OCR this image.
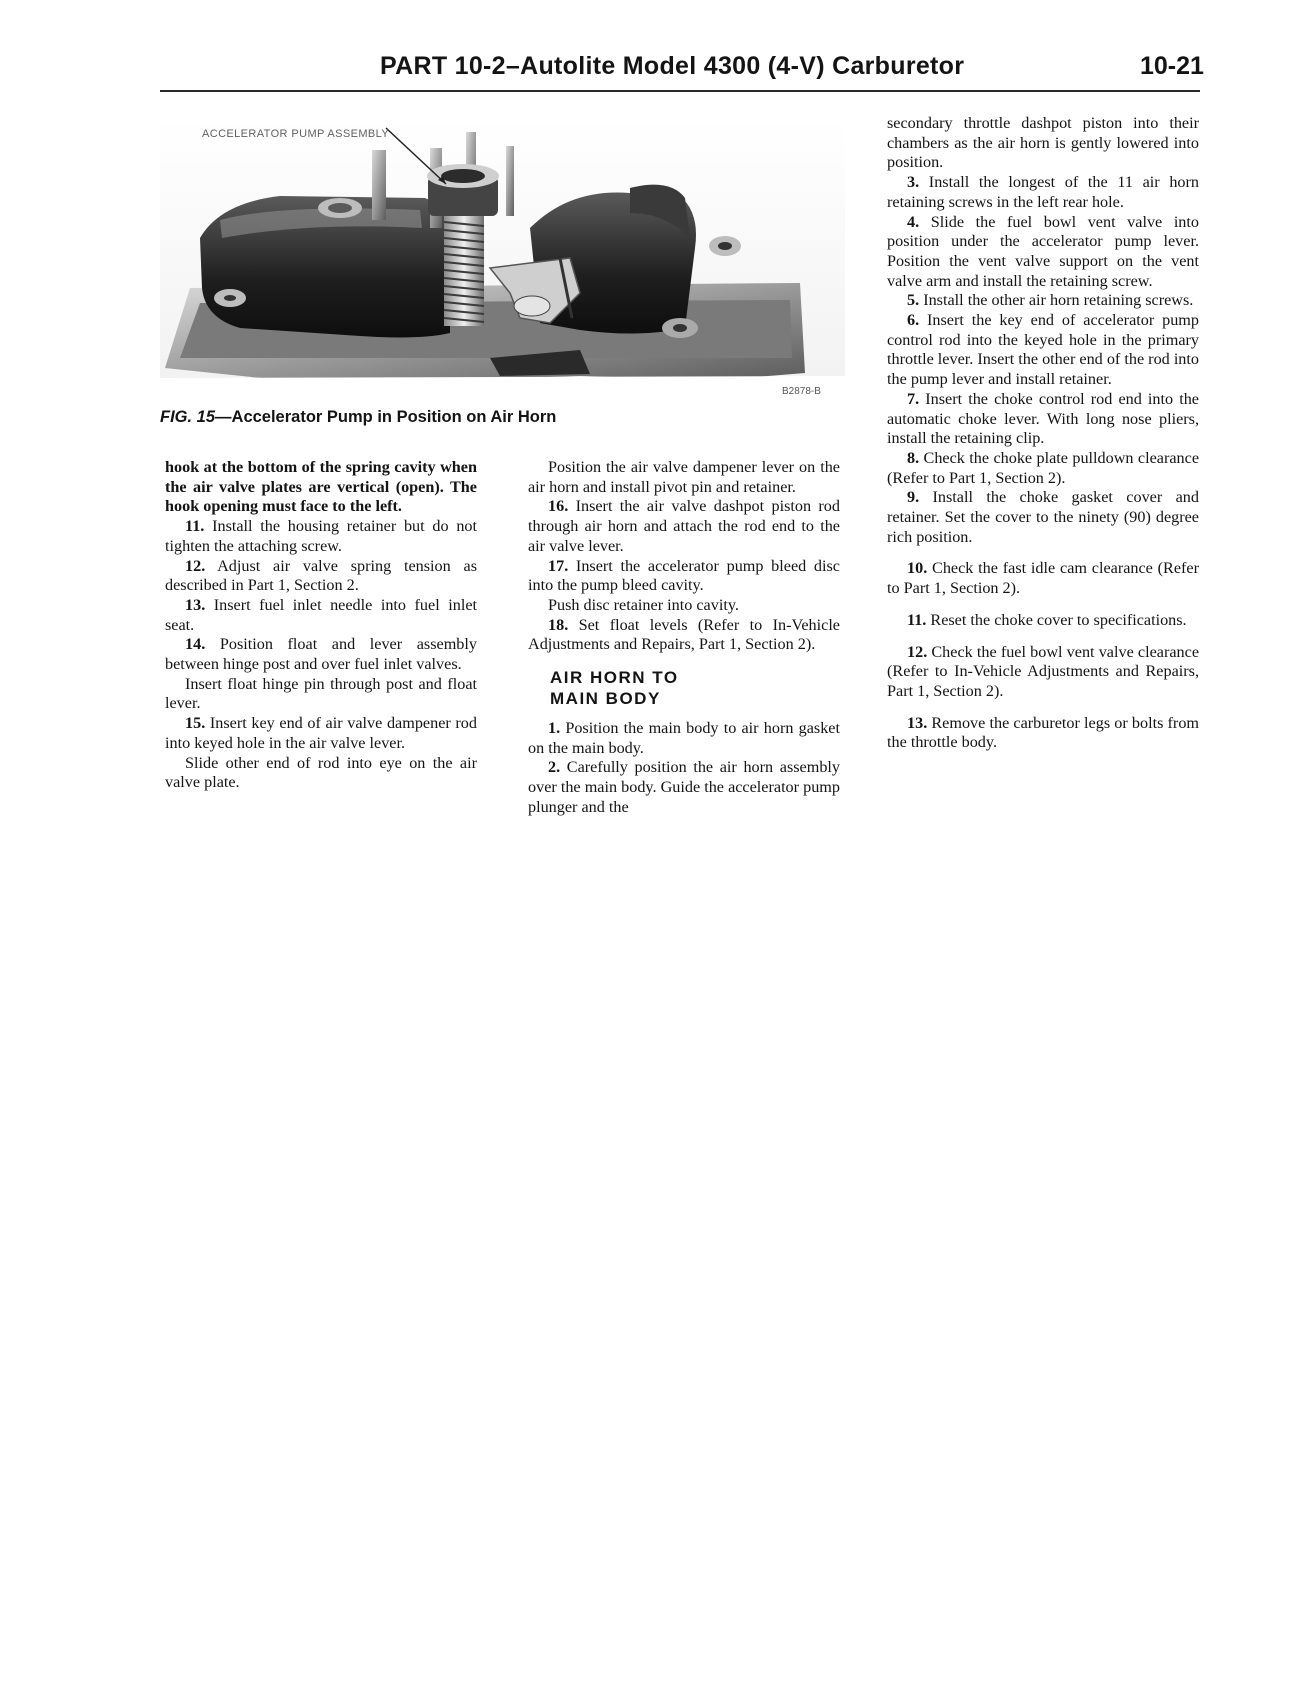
PART 10-2–Autolite Model 4300 (4-V) Carburetor	10-21
ACCELERATOR PUMP ASSEMBLY
B2878-B
FIG. 15—Accelerator Pump in Position on Air Horn

hook at the bottom of the spring cavity when the air valve plates are vertical (open). The hook opening must face to the left.

11. Install the housing retainer but do not tighten the attaching screw.

12. Adjust air valve spring tension as described in Part 1, Section 2.

13. Insert fuel inlet needle into fuel inlet seat.

14. Position float and lever assembly between hinge post and over fuel inlet valves.

Insert float hinge pin through post and float lever.

15. Insert key end of air valve dampener rod into keyed hole in the air valve lever.

Slide other end of rod into eye on the air valve plate.

Position the air valve dampener lever on the air horn and install pivot pin and retainer.

16. Insert the air valve dashpot piston rod through air horn and attach the rod end to the air valve lever.

17. Insert the accelerator pump bleed disc into the pump bleed cavity.

Push disc retainer into cavity.

18. Set float levels (Refer to In-Vehicle Adjustments and Repairs, Part 1, Section 2).

AIR HORN TO
MAIN BODY

1. Position the main body to air horn gasket on the main body.

2. Carefully position the air horn assembly over the main body. Guide the accelerator pump plunger and the

secondary throttle dashpot piston into their chambers as the air horn is gently lowered into position.

3. Install the longest of the 11 air horn retaining screws in the left rear hole.

4. Slide the fuel bowl vent valve into position under the accelerator pump lever. Position the vent valve support on the vent valve arm and install the retaining screw.

5. Install the other air horn retaining screws.

6. Insert the key end of accelerator pump control rod into the keyed hole in the primary throttle lever. Insert the other end of the rod into the pump lever and install retainer.

7. Insert the choke control rod end into the automatic choke lever. With long nose pliers, install the retaining clip.

8. Check the choke plate pulldown clearance (Refer to Part 1, Section 2).

9. Install the choke gasket cover and retainer. Set the cover to the ninety (90) degree rich position.

10. Check the fast idle cam clearance (Refer to Part 1, Section 2).

11. Reset the choke cover to specifications.

12. Check the fuel bowl vent valve clearance (Refer to In-Vehicle Adjustments and Repairs, Part 1, Section 2).

13. Remove the carburetor legs or bolts from the throttle body.
